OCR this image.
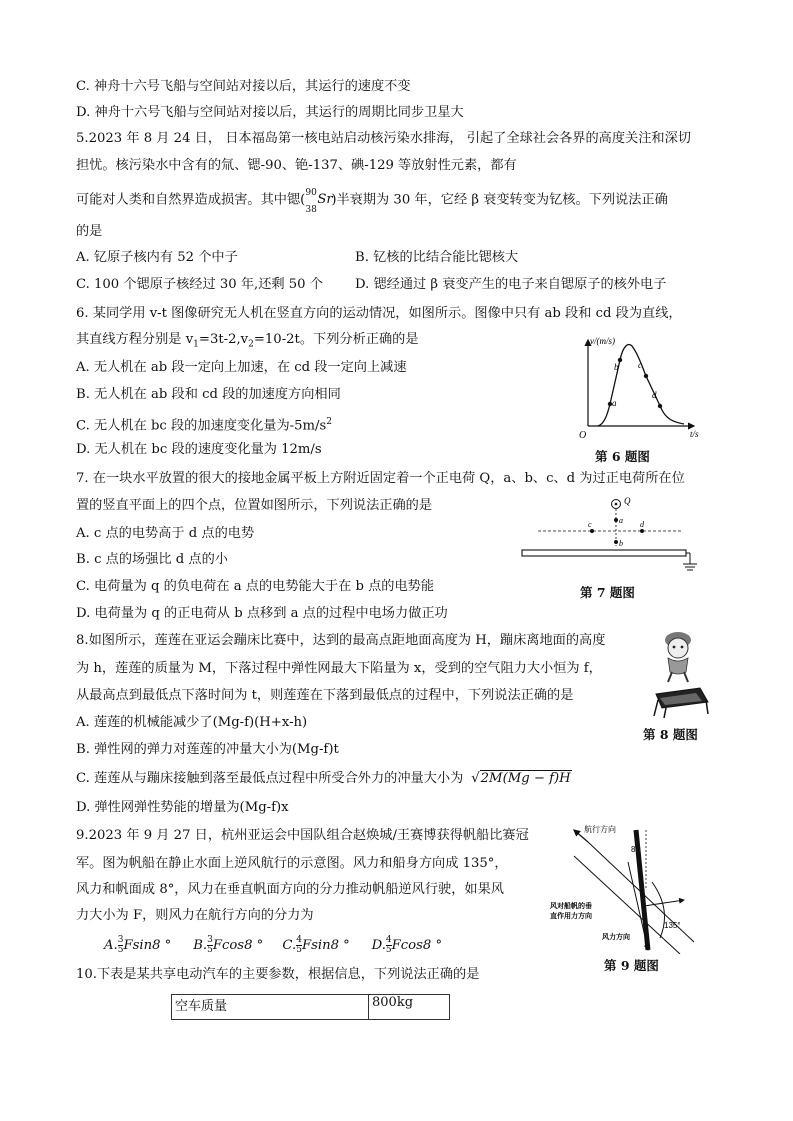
C. 神舟十六号飞船与空间站对接以后，其运行的速度不变
D. 神舟十六号飞船与空间站对接以后，其运行的周期比同步卫星大
5.2023 年 8 月 24 日， 日本福岛第一核电站启动核污染水排海， 引起了全球社会各界的高度关注和深切
担忧。核污染水中含有的氚、锶-90、铯-137、碘-129 等放射性元素，都有
可能对人类和自然界造成损害。其中锶( 90
38
Sr
)半衰期为 30 年，它经 β 衰变转变为钇核。下列说法正确
的是
A. 钇原子核内有 52 个中子	B. 钇核的比结合能比锶核大
C. 100 个锶原子核经过 30 年,还剩 50 个 D. 锶经通过 β 衰变产生的电子来自锶原子的核外电子
6. 某同学用 v-t 图像研究无人机在竖直方向的运动情况，如图所示。图像中只有 ab 段和 cd 段为直线，
其直线方程分别是 $v_1=3t-2,v_2=10-2t$。下列分析正确的是
A. 无人机在 ab 段一定向上加速，在 cd 段一定向上减速
B. 无人机在 ab 段和 cd 段的加速度方向相同
C. 无人机在 bc 段的加速度变化量为$-5m/s^2$
D. 无人机在 bc 段的速度变化量为 12m/s
v/(m/s)
t/s
O
a
b c
d
第 6 题图
7. 在一块水平放置的很大的接地金属平板上方附近固定着一个正电荷 Q，a、b、c、d 为过正电荷所在位
置的竖直平面上的四个点，位置如图所示，下列说法正确的是
A. c 点的电势高于 d 点的电势
B. c 点的场强比 d 点的小
C. 电荷量为 q 的负电荷在 a 点的电势能大于在 b 点的电势能
D. 电荷量为 q 的正电荷从 b 点移到 a 点的过程中电场力做正功
Q
a
c	d
b
第 7 题图
8.如图所示，莲莲在亚运会蹦床比赛中，达到的最高点距地面高度为 H，蹦床离地面的高度
为 h，莲莲的质量为 M，下落过程中弹性网最大下陷量为 x，受到的空气阻力大小恒为 f，
从最高点到最低点下落时间为 t，则莲莲在下落到最低点的过程中，下列说法正确的是
A. 莲莲的机械能减少了(Mg-f)(H+x-h)
B. 弹性网的弹力对莲莲的冲量大小为(Mg-f)t
C. 莲莲从与蹦床接触到落至最低点过程中所受合外力的冲量大小为 √2M(Mg − f)H
D. 弹性网弹性势能的增量为(Mg-f)x
第 8 题图
9.2023 年 9 月 27 日，杭州亚运会中国队组合赵焕城/王赛博获得帆船比赛冠
军。图为帆船在静止水面上逆风航行的示意图。风力和船身方向成 135°，
风力和帆面成 8°，风力在垂直帆面方向的分力推动帆船逆风行驶，如果风
力大小为 F，则风力在航行方向的分力为
A. $\frac{3}{5} Fsin8$ ° B. $\frac{3}{5} Fcos8$ ° C. $\frac{4}{5} Fsin8$ ° D. $\frac{4}{5} Fcos8$ °
航行方向
8°
135°
风对船帆的垂
直作用力方向
风力方向
第 9 题图
10.下表是某共享电动汽车的主要参数，根据信息，下列说法正确的是
空车质量	800kg
